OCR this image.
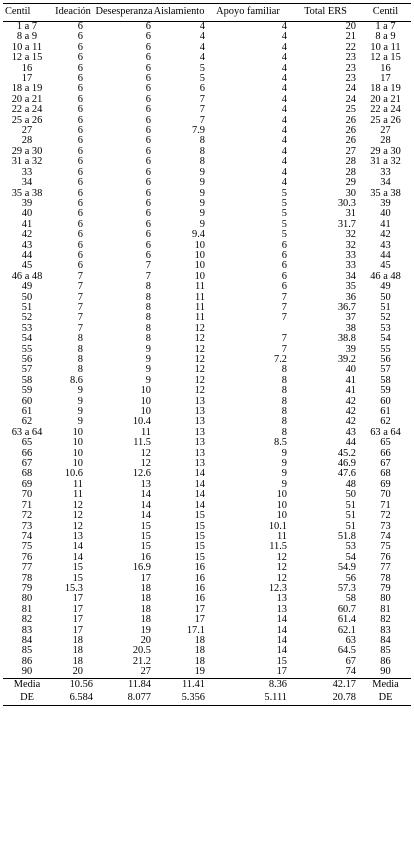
Centil	Ideación	Desesperanza	Aislamiento	Apoyo familiar	Total ERS	Centil
1 a 7	6	6	4	4	20	1 a 7
8 a 9	6	6	4	4	21	8 a 9
10 a 11	6	6	4	4	22	10 a 11
12 a 15	6	6	4	4	23	12 a 15
16	6	6	5	4	23	16
17	6	6	5	4	23	17
18 a 19	6	6	6	4	24	18 a 19
20 a 21	6	6	7	4	24	20 a 21
22 a 24	6	6	7	4	25	22 a 24
25 a 26	6	6	7	4	26	25 a 26
27	6	6	7.9	4	26	27
28	6	6	8	4	26	28
29 a 30	6	6	8	4	27	29 a 30
31 a 32	6	6	8	4	28	31 a 32
33	6	6	9	4	28	33
34	6	6	9	4	29	34
35 a 38	6	6	9	5	30	35 a 38
39	6	6	9	5	30.3	39
40	6	6	9	5	31	40
41	6	6	9	5	31.7	41
42	6	6	9.4	5	32	42
43	6	6	10	6	32	43
44	6	6	10	6	33	44
45	6	7	10	6	33	45
46 a 48	7	7	10	6	34	46 a 48
49	7	8	11	6	35	49
50	7	8	11	7	36	50
51	7	8	11	7	36.7	51
52	7	8	11	7	37	52
53	7	8	12		38	53
54	8	8	12	7	38.8	54
55	8	9	12	7	39	55
56	8	9	12	7.2	39.2	56
57	8	9	12	8	40	57
58	8.6	9	12	8	41	58
59	9	10	12	8	41	59
60	9	10	13	8	42	60
61	9	10	13	8	42	61
62	9	10.4	13	8	42	62
63 a 64	10	11	13	8	43	63 a 64
65	10	11.5	13	8.5	44	65
66	10	12	13	9	45.2	66
67	10	12	13	9	46.9	67
68	10.6	12.6	14	9	47.6	68
69	11	13	14	9	48	69
70	11	14	14	10	50	70
71	12	14	14	10	51	71
72	12	14	15	10	51	72
73	12	15	15	10.1	51	73
74	13	15	15	11	51.8	74
75	14	15	15	11.5	53	75
76	14	16	15	12	54	76
77	15	16.9	16	12	54.9	77
78	15	17	16	12	56	78
79	15.3	18	16	12.3	57.3	79
80	17	18	16	13	58	80
81	17	18	17	13	60.7	81
82	17	18	17	14	61.4	82
83	17	19	17.1	14	62.1	83
84	18	20	18	14	63	84
85	18	20.5	18	14	64.5	85
86	18	21.2	18	15	67	86
90	20	27	19	17	74	90
Media	10.56	11.84	11.41	8.36	42.17	Media
DE	6.584	8.077	5.356	5.111	20.78	DE
